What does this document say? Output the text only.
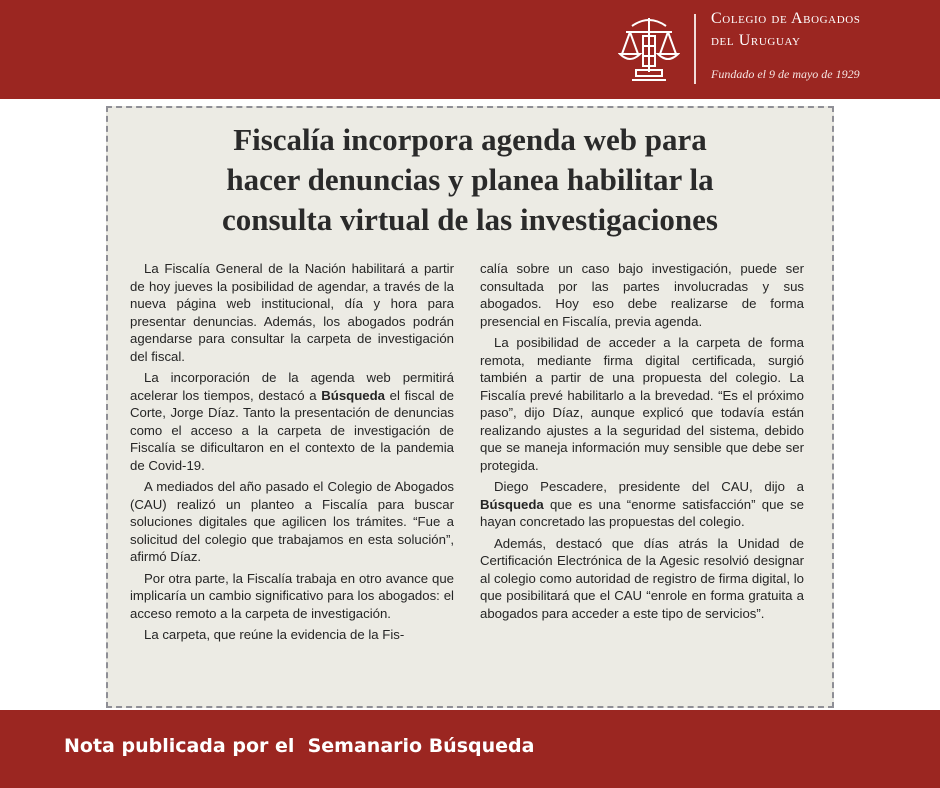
Colegio de Abogados
del Uruguay
Fundado el 9 de mayo de 1929
Fiscalía incorpora agenda web para
hacer denuncias y planea habilitar la
consulta virtual de las investigaciones

La Fiscalía General de la Nación habilitará a partir de hoy jueves la posibilidad de agendar, a través de la nueva página web institucional, día y hora para presentar denuncias. Además, los abogados podrán agendarse para consultar la carpeta de investigación del fiscal.

La incorporación de la agenda web permitirá acelerar los tiempos, destacó a Búsqueda el fiscal de Corte, Jorge Díaz. Tanto la presentación de denuncias como el acceso a la carpeta de investigación de Fiscalía se dificultaron en el contexto de la pandemia de Covid-19.

A mediados del año pasado el Colegio de Abogados (CAU) realizó un planteo a Fiscalía para buscar soluciones digitales que agilicen los trámites. “Fue a solicitud del colegio que trabajamos en esta solución”, afirmó Díaz.

Por otra parte, la Fiscalía trabaja en otro avance que implicaría un cambio significativo para los abogados: el acceso remoto a la carpeta de investigación.

La carpeta, que reúne la evidencia de la Fis-

calía sobre un caso bajo investigación, puede ser consultada por las partes involucradas y sus abogados. Hoy eso debe realizarse de forma presencial en Fiscalía, previa agenda.

La posibilidad de acceder a la carpeta de forma remota, mediante firma digital certificada, surgió también a partir de una propuesta del colegio. La Fiscalía prevé habilitarlo a la brevedad. “Es el próximo paso”, dijo Díaz, aunque explicó que todavía están realizando ajustes a la seguridad del sistema, debido que se maneja información muy sensible que debe ser protegida.

Diego Pescadere, presidente del CAU, dijo a Búsqueda que es una “enorme satisfacción” que se hayan concretado las propuestas del colegio.

Además, destacó que días atrás la Unidad de Certificación Electrónica de la Agesic resolvió designar al colegio como autoridad de registro de firma digital, lo que posibilitará que el CAU “enrole en forma gratuita a abogados para acceder a este tipo de servicios”.

Nota publicada por el  Semanario Búsqueda
